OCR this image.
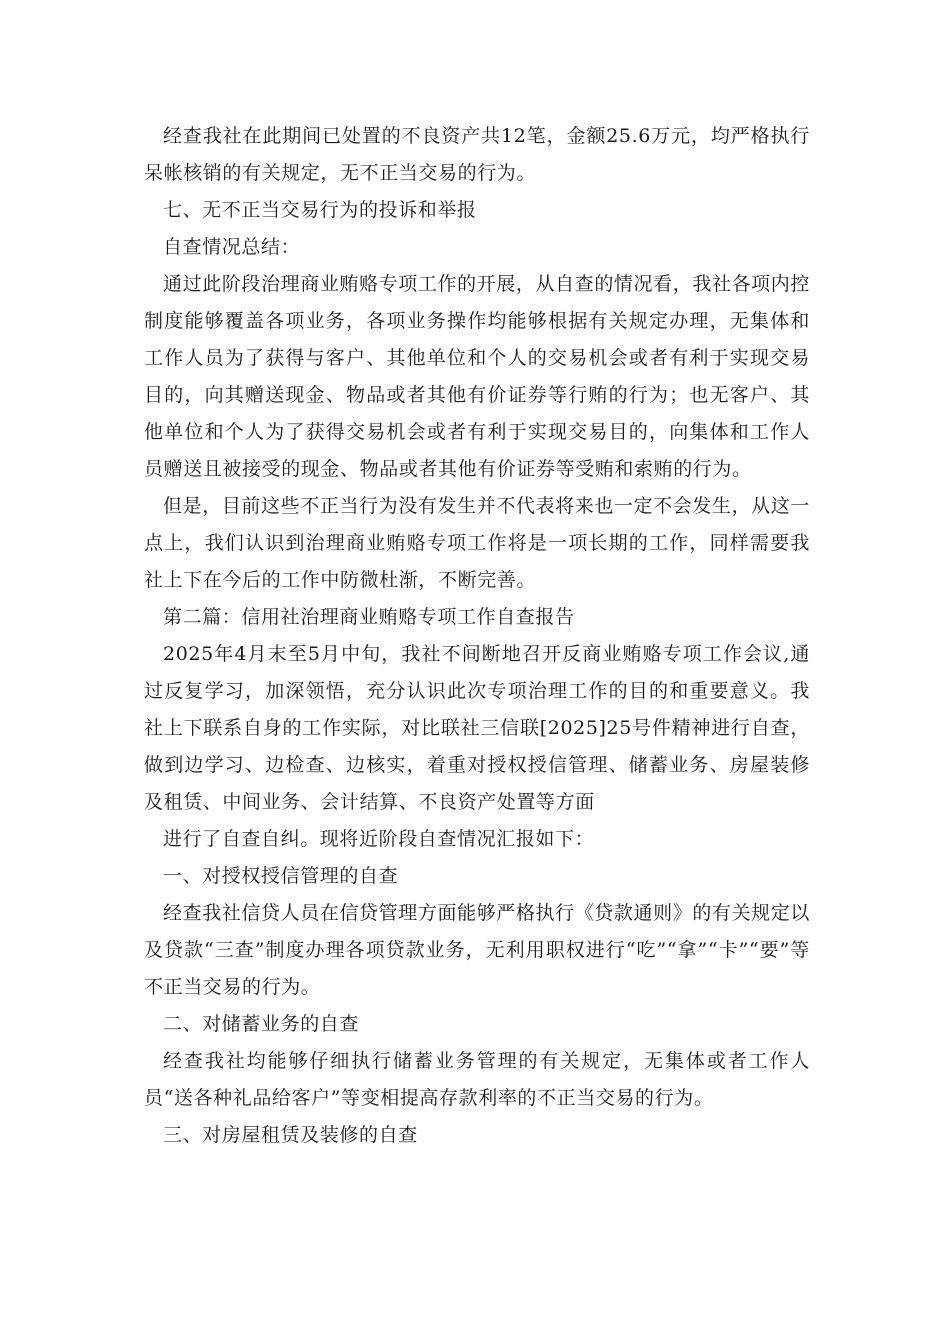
经查我社在此期间已处置的不良资产共12笔，金额25.6万元，均严格执行呆帐核销的有关规定，无不正当交易的行为。

七、无不正当交易行为的投诉和举报

自查情况总结：

通过此阶段治理商业贿赂专项工作的开展，从自查的情况看，我社各项内控制度能够覆盖各项业务，各项业务操作均能够根据有关规定办理，无集体和工作人员为了获得与客户、其他单位和个人的交易机会或者有利于实现交易目的，向其赠送现金、物品或者其他有价证券等行贿的行为；也无客户、其他单位和个人为了获得交易机会或者有利于实现交易目的，向集体和工作人员赠送且被接受的现金、物品或者其他有价证券等受贿和索贿的行为。

但是，目前这些不正当行为没有发生并不代表将来也一定不会发生，从这一点上，我们认识到治理商业贿赂专项工作将是一项长期的工作，同样需要我社上下在今后的工作中防微杜渐，不断完善。

第二篇：信用社治理商业贿赂专项工作自查报告

2025年4月末至5月中旬，我社不间断地召开反商业贿赂专项工作会议,通过反复学习，加深领悟，充分认识此次专项治理工作的目的和重要意义。我社上下联系自身的工作实际，对比联社三信联[2025]25号件精神进行自查，做到边学习、边检查、边核实，着重对授权授信管理、储蓄业务、房屋装修及租赁、中间业务、会计结算、不良资产处置等方面

进行了自查自纠。现将近阶段自查情况汇报如下：

一、对授权授信管理的自查

经查我社信贷人员在信贷管理方面能够严格执行《贷款通则》的有关规定以及贷款“三查”制度办理各项贷款业务，无利用职权进行“吃”“拿”“卡”“要”等不正当交易的行为。

二、对储蓄业务的自查

经查我社均能够仔细执行储蓄业务管理的有关规定，无集体或者工作人员“送各种礼品给客户”等变相提高存款利率的不正当交易的行为。

三、对房屋租赁及装修的自查
